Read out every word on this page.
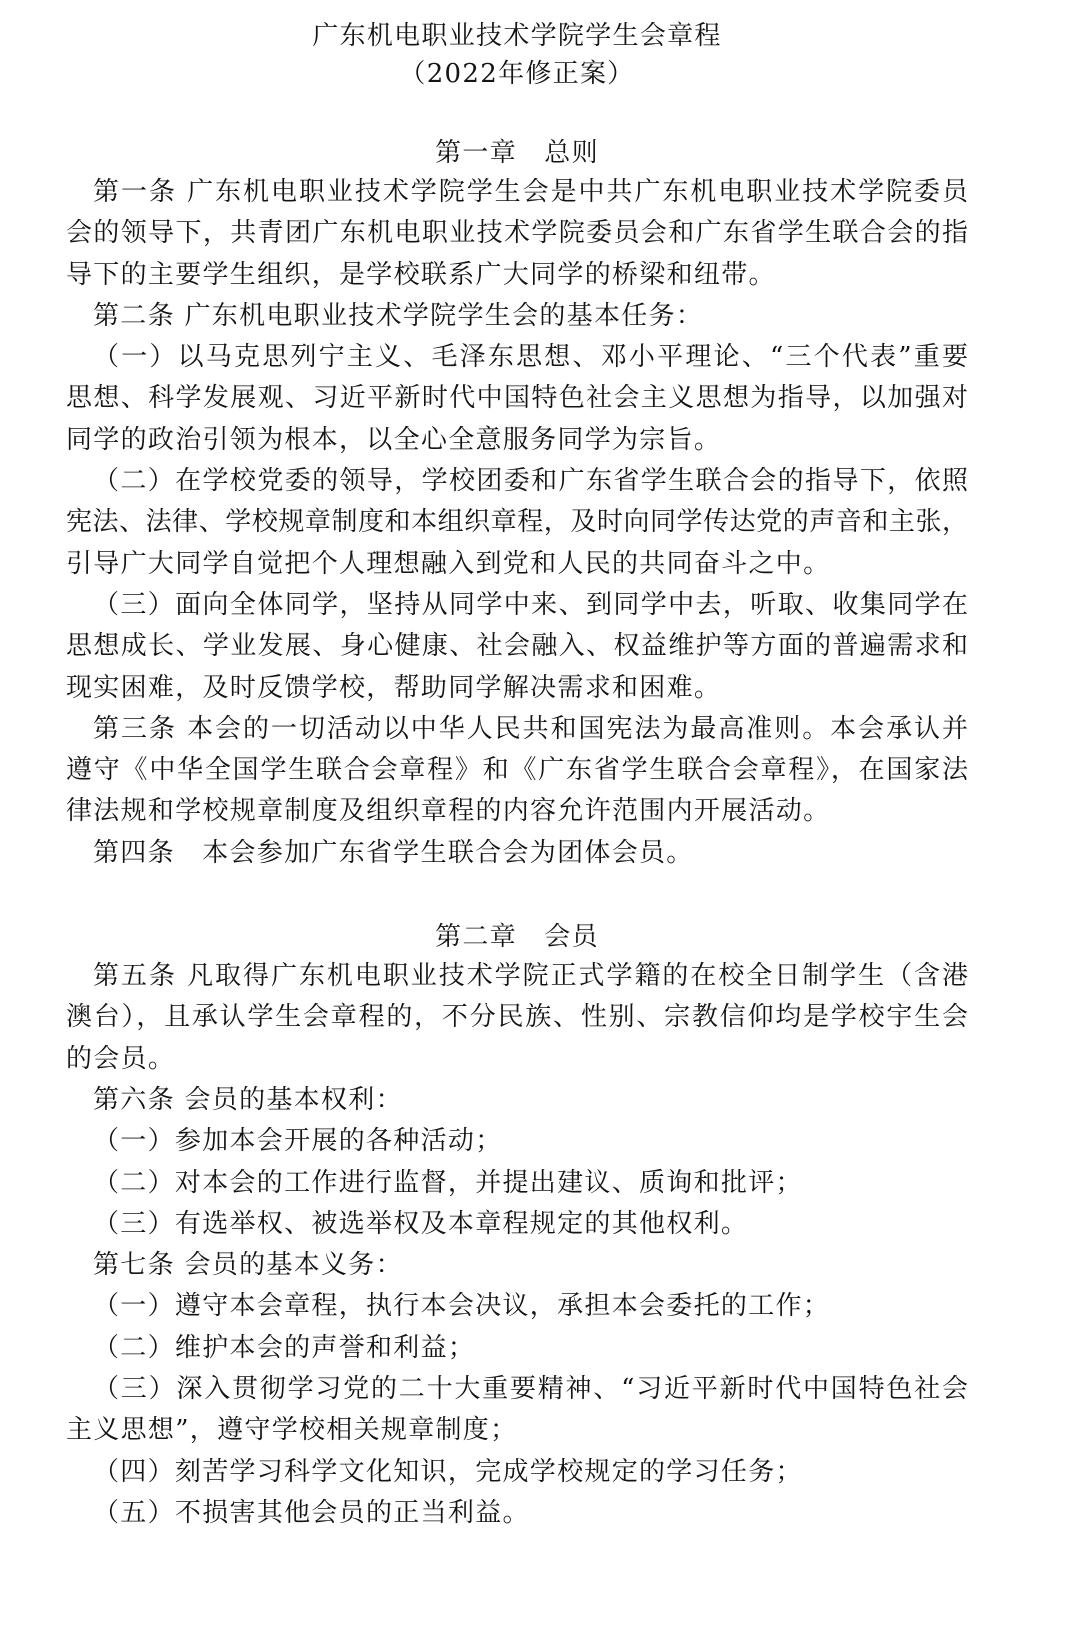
广东机电职业技术学院学生会章程
（2022年修正案）
第一章　总则
第一条 广东机电职业技术学院学生会是中共广东机电职业技术学院委员
会的领导下，共青团广东机电职业技术学院委员会和广东省学生联合会的指
导下的主要学生组织，是学校联系广大同学的桥梁和纽带。
第二条 广东机电职业技术学院学生会的基本任务：
（一）以马克思列宁主义、毛泽东思想、邓小平理论、“三个代表”重要
思想、科学发展观、习近平新时代中国特色社会主义思想为指导，以加强对
同学的政治引领为根本，以全心全意服务同学为宗旨。
（二）在学校党委的领导，学校团委和广东省学生联合会的指导下，依照
宪法、法律、学校规章制度和本组织章程，及时向同学传达党的声音和主张，
引导广大同学自觉把个人理想融入到党和人民的共同奋斗之中。
（三）面向全体同学，坚持从同学中来、到同学中去，听取、收集同学在
思想成长、学业发展、身心健康、社会融入、权益维护等方面的普遍需求和
现实困难，及时反馈学校，帮助同学解决需求和困难。
第三条 本会的一切活动以中华人民共和国宪法为最高准则。本会承认并
遵守《中华全国学生联合会章程》和《广东省学生联合会章程》，在国家法
律法规和学校规章制度及组织章程的内容允许范围内开展活动。
第四条　本会参加广东省学生联合会为团体会员。
第二章　会员
第五条 凡取得广东机电职业技术学院正式学籍的在校全日制学生（含港
澳台），且承认学生会章程的，不分民族、性别、宗教信仰均是学校宇生会
的会员。
第六条 会员的基本权利：
（一）参加本会开展的各种活动；
（二）对本会的工作进行监督，并提出建议、质询和批评；
（三）有选举权、被选举权及本章程规定的其他权利。
第七条 会员的基本义务：
（一）遵守本会章程，执行本会决议，承担本会委托的工作；
（二）维护本会的声誉和利益；
（三）深入贯彻学习党的二十大重要精神、“习近平新时代中国特色社会
主义思想”，遵守学校相关规章制度；
（四）刻苦学习科学文化知识，完成学校规定的学习任务；
（五）不损害其他会员的正当利益。
